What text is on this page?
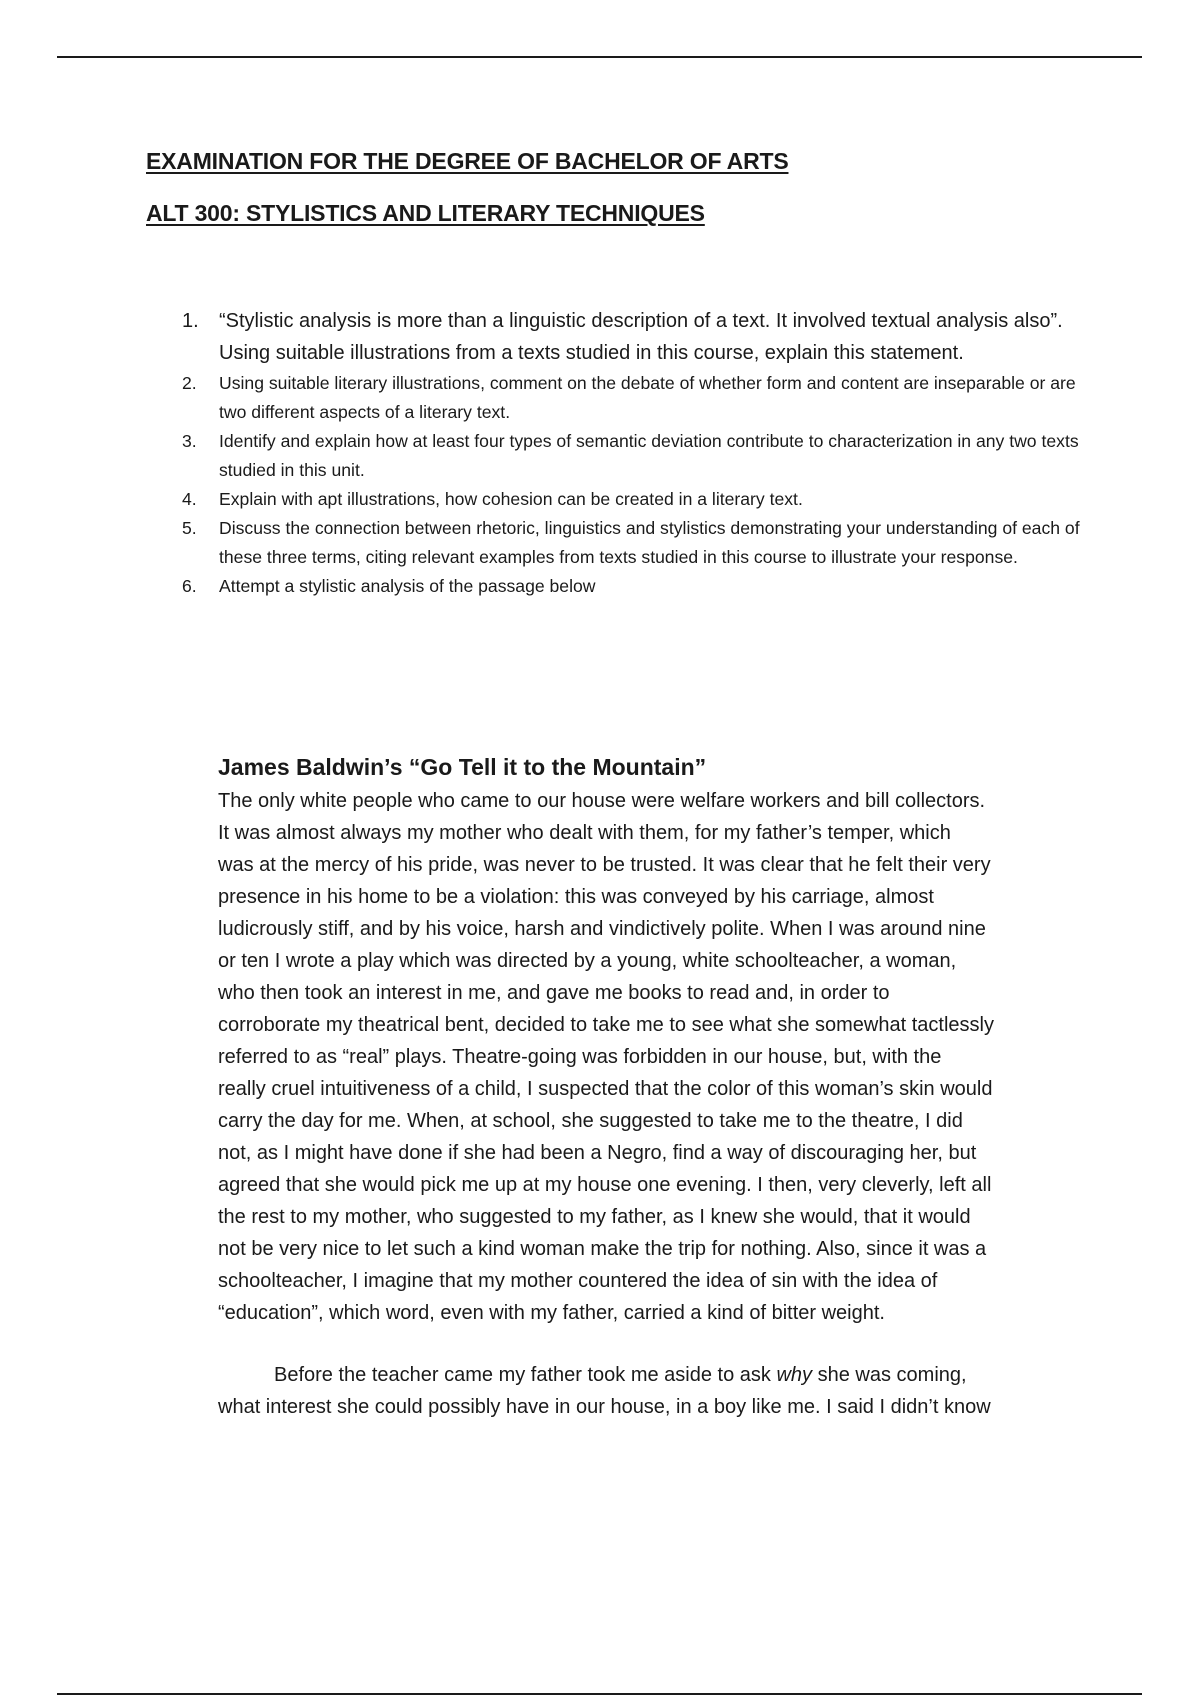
EXAMINATION FOR THE DEGREE OF BACHELOR OF ARTS
ALT 300: STYLISTICS AND LITERARY TECHNIQUES
1. “Stylistic analysis is more than a linguistic description of a text. It involved textual analysis also”. Using suitable illustrations from a texts studied in this course, explain this statement.
2. Using suitable literary illustrations, comment on the debate of whether form and content are inseparable or are two different aspects of a literary text.
3. Identify and explain how at least four types of semantic deviation contribute to characterization in any two texts studied in this unit.
4. Explain with apt illustrations, how cohesion can be created in a literary text.
5. Discuss the connection between rhetoric, linguistics and stylistics demonstrating your understanding of each of these three terms, citing relevant examples from texts studied in this course to illustrate your response.
6. Attempt a stylistic analysis of the passage below
James Baldwin’s “Go Tell it to the Mountain”

The only white people who came to our house were welfare workers and bill collectors.
It was almost always my mother who dealt with them, for my father’s temper, which
was at the mercy of his pride, was never to be trusted. It was clear that he felt their very
presence in his home to be a violation: this was conveyed by his carriage, almost
ludicrously stiff, and by his voice, harsh and vindictively polite. When I was around nine
or ten I wrote a play which was directed by a young, white schoolteacher, a woman,
who then took an interest in me, and gave me books to read and, in order to
corroborate my theatrical bent, decided to take me to see what she somewhat tactlessly
referred to as “real” plays. Theatre-going was forbidden in our house, but, with the
really cruel intuitiveness of a child, I suspected that the color of this woman’s skin would
carry the day for me. When, at school, she suggested to take me to the theatre, I did
not, as I might have done if she had been a Negro, find a way of discouraging her, but
agreed that she would pick me up at my house one evening. I then, very cleverly, left all
the rest to my mother, who suggested to my father, as I knew she would, that it would
not be very nice to let such a kind woman make the trip for nothing. Also, since it was a
schoolteacher, I imagine that my mother countered the idea of sin with the idea of
“education”, which word, even with my father, carried a kind of bitter weight.

Before the teacher came my father took me aside to ask why she was coming,
what interest she could possibly have in our house, in a boy like me. I said I didn’t know
